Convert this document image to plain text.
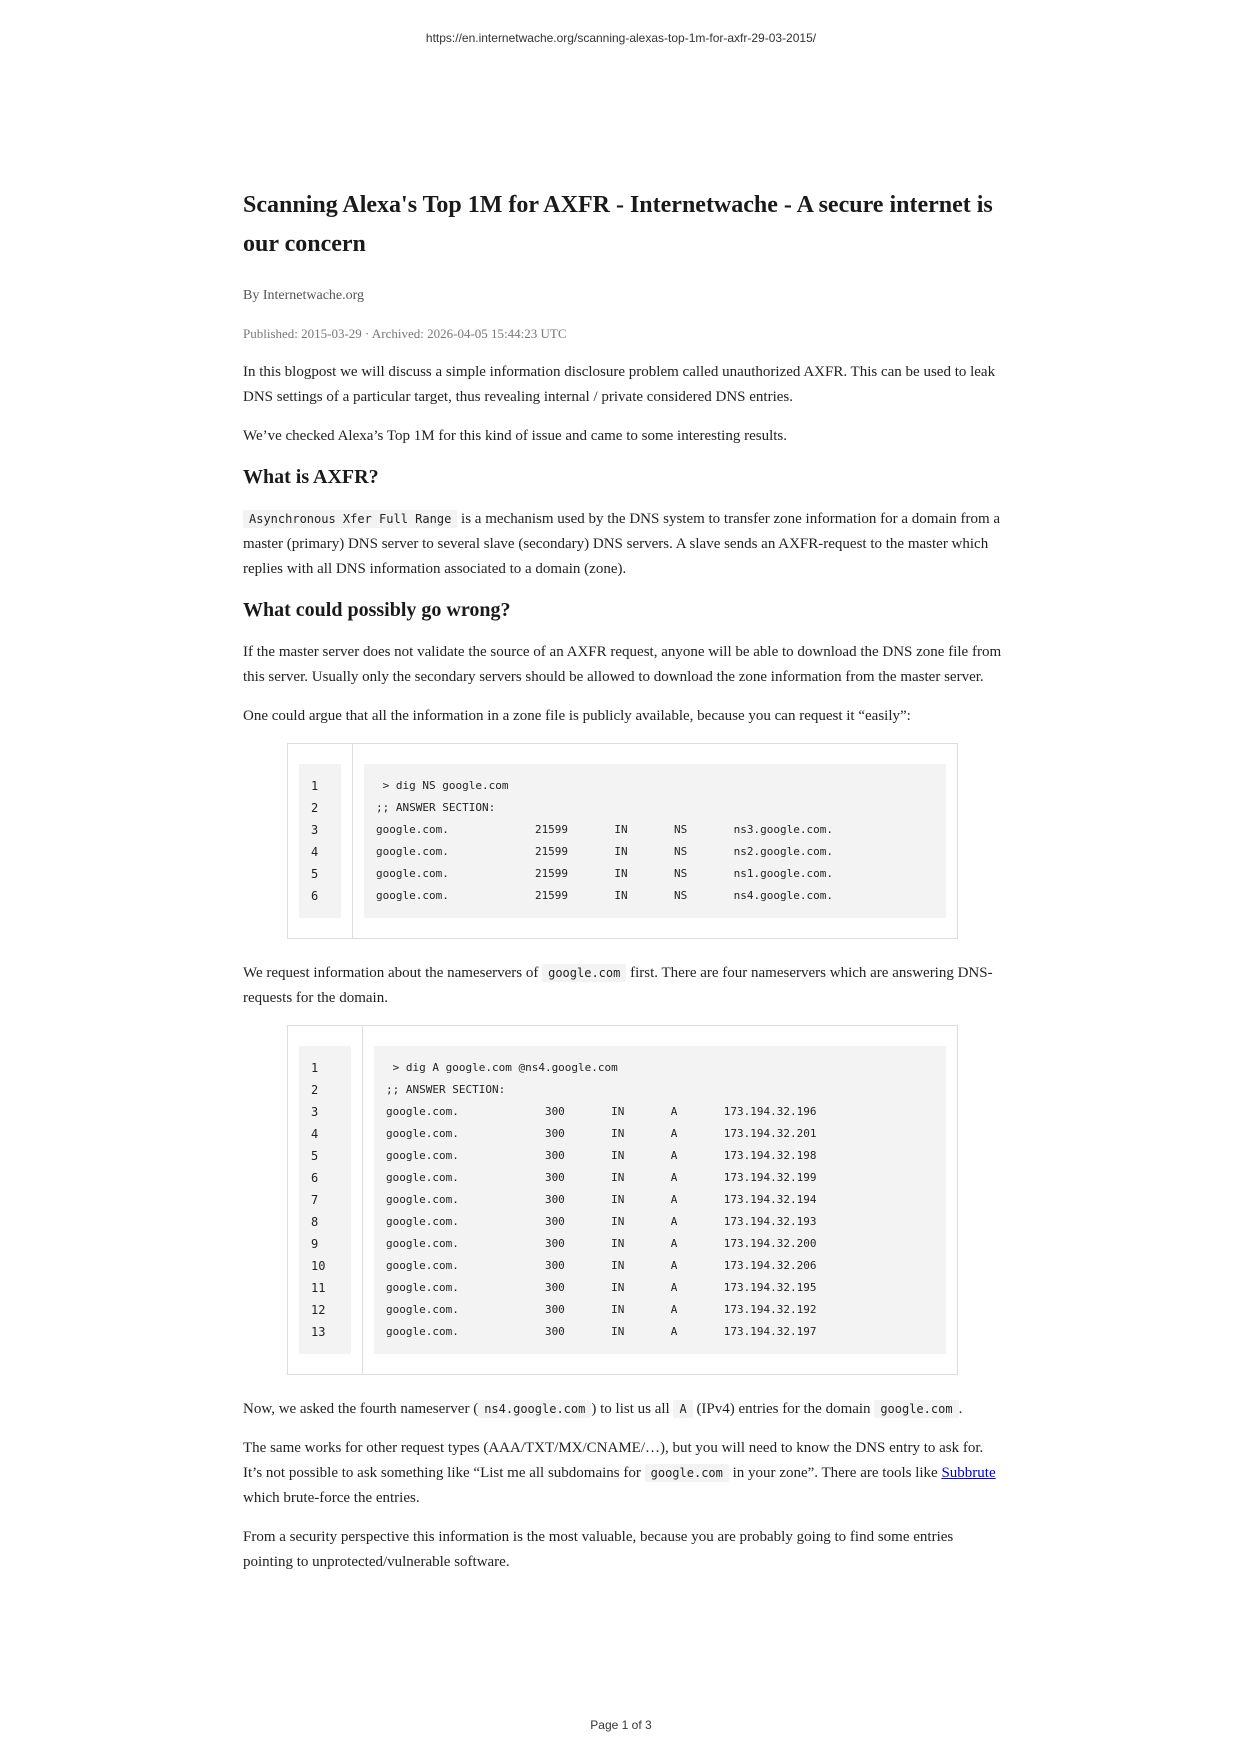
https://en.internetwache.org/scanning-alexas-top-1m-for-axfr-29-03-2015/
Scanning Alexa's Top 1M for AXFR - Internetwache - A secure internet is our concern
By Internetwache.org
Published: 2015-03-29 · Archived: 2026-04-05 15:44:23 UTC

In this blogpost we will discuss a simple information disclosure problem called unauthorized AXFR. This can be used to leak DNS settings of a particular target, thus revealing internal / private considered DNS entries.

We’ve checked Alexa’s Top 1M for this kind of issue and came to some interesting results.

What is AXFR?

Asynchronous Xfer Full Range is a mechanism used by the DNS system to transfer zone information for a domain from a master (primary) DNS server to several slave (secondary) DNS servers. A slave sends an AXFR-request to the master which replies with all DNS information associated to a domain (zone).

What could possibly go wrong?

If the master server does not validate the source of an AXFR request, anyone will be able to download the DNS zone file from this server. Usually only the secondary servers should be allowed to download the zone information from the master server.

One could argue that all the information in a zone file is publicly available, because you can request it “easily”:

1
2
3
4
5
6
> dig NS google.com
;; ANSWER SECTION:
google.com.             21599       IN       NS       ns3.google.com.
google.com.             21599       IN       NS       ns2.google.com.
google.com.             21599       IN       NS       ns1.google.com.
google.com.             21599       IN       NS       ns4.google.com.

We request information about the nameservers of google.com first. There are four nameservers which are answering DNS-requests for the domain.

1
2
3
4
5
6
7
8
9
10
11
12
13
> dig A google.com @ns4.google.com
;; ANSWER SECTION:
google.com.             300       IN       A       173.194.32.196
google.com.             300       IN       A       173.194.32.201
google.com.             300       IN       A       173.194.32.198
google.com.             300       IN       A       173.194.32.199
google.com.             300       IN       A       173.194.32.194
google.com.             300       IN       A       173.194.32.193
google.com.             300       IN       A       173.194.32.200
google.com.             300       IN       A       173.194.32.206
google.com.             300       IN       A       173.194.32.195
google.com.             300       IN       A       173.194.32.192
google.com.             300       IN       A       173.194.32.197

Now, we asked the fourth nameserver ( ns4.google.com ) to list us all A (IPv4) entries for the domain google.com .

The same works for other request types (AAA/TXT/MX/CNAME/…), but you will need to know the DNS entry to ask for. It’s not possible to ask something like “List me all subdomains for google.com in your zone”. There are tools like Subbrute which brute-force the entries.

From a security perspective this information is the most valuable, because you are probably going to find some entries pointing to unprotected/vulnerable software.

Page 1 of 3
